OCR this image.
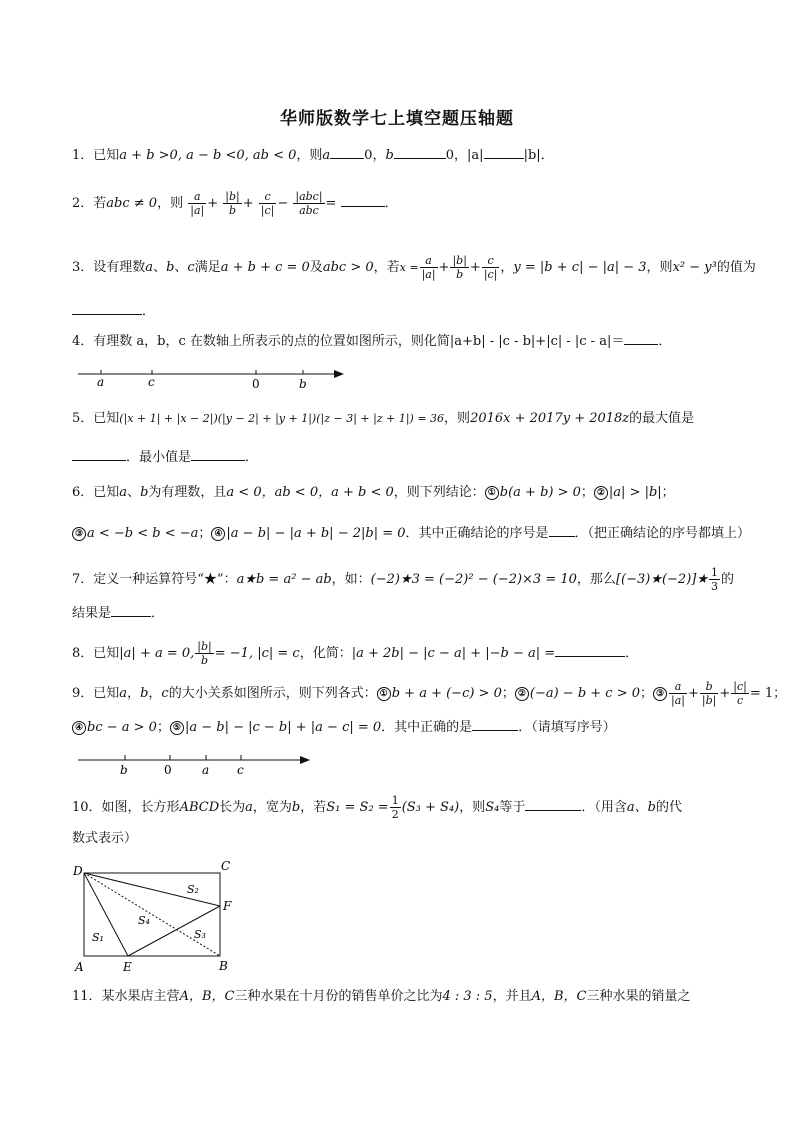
华师版数学七上填空题压轴题
1．已知a + b >0, a − b <0, ab < 0，则a	0，b	0，|a|	|b|．
2．若abc ≠ 0，则 $\frac{a}{|a|} + \frac{|b|}{b} + \frac{c}{|c|} - \frac{\text{|abc|}}{\text{abc}}$ =	．
3．设有理数a、b、c满足a + b + c = 0及abc > 0，若$x = \frac{a}{|a|} + \frac{|b|}{b} + \frac{c}{|c|}$ ，y = |b + c| − |a| − 3，则x² − y³的值为
．
4．有理数 a，b，c 在数轴上所表示的点的位置如图所示，则化简|a+b| - |c - b|+|c| - |c - a|＝	．
a	c	0	b
5．已知(|x + 1| + |x − 2|)(|y − 2| + |y + 1|)(|z − 3| + |z + 1|) = 36，则2016x + 2017y + 2018z的最大值是
．最小值是	．
6．已知a、b为有理数，且a < 0，ab < 0，a + b < 0，则下列结论： ① b(a + b) > 0； ② |a| > |b|；
③ a < −b < b < −a； ④ |a − b| − |a + b| − 2|b| = 0．其中正确结论的序号是 ．（把正确结论的序号都填上）
7．定义一种运算符号“★”：a★b = a² − ab，如：(−2)★3 = (−2)² − (−2)×3 = 10，那么[(−3)★(−2)]★ $\frac{1}{3}$ 的
结果是	．
8．已知|a| + a = 0, $\frac{|b|}{b} = -1$, |c| = c，化简：|a + 2b| − |c − a| + |−b − a| =	．
9．已知a，b，c的大小关系如图所示，则下列各式： ① b + a + (−c) > 0； ② (−a) − b + c > 0； ③ $\frac{a}{|a|} + \frac{b}{|b|} + \frac{|c|}{c} = 1$；
④ bc − a > 0； ⑤ |a − b| − |c − b| + |a − c| = 0．其中正确的是	．（请填写序号）
b	0	a c
10．如图，长方形ABCD长为a，宽为b，若$S_1 = S_2 = \frac{1}{2} (S_3 + S_4)$，则S₄等于	．（用含a、b的代
数式表示）
D	C
A	E	B
F
S₂
S₄
S₃
S₁
11．某水果店主营A，B，C三种水果在十月份的销售单价之比为4 : 3 : 5，并且A，B，C三种水果的销量之
